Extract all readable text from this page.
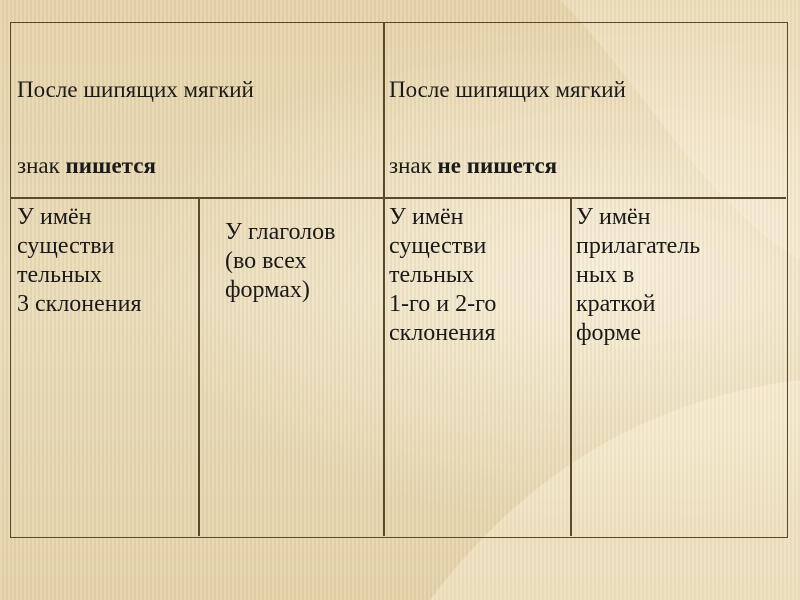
После шипящих мягкий

знак пишется

После шипящих мягкий

знак не пишется

У имён
существи
тельных
3 склонения
У глаголов
(во всех
формах)
У имён
существи
тельных
1-го и 2-го
склонения
У имён
прилагатель
ных в
краткой
форме
